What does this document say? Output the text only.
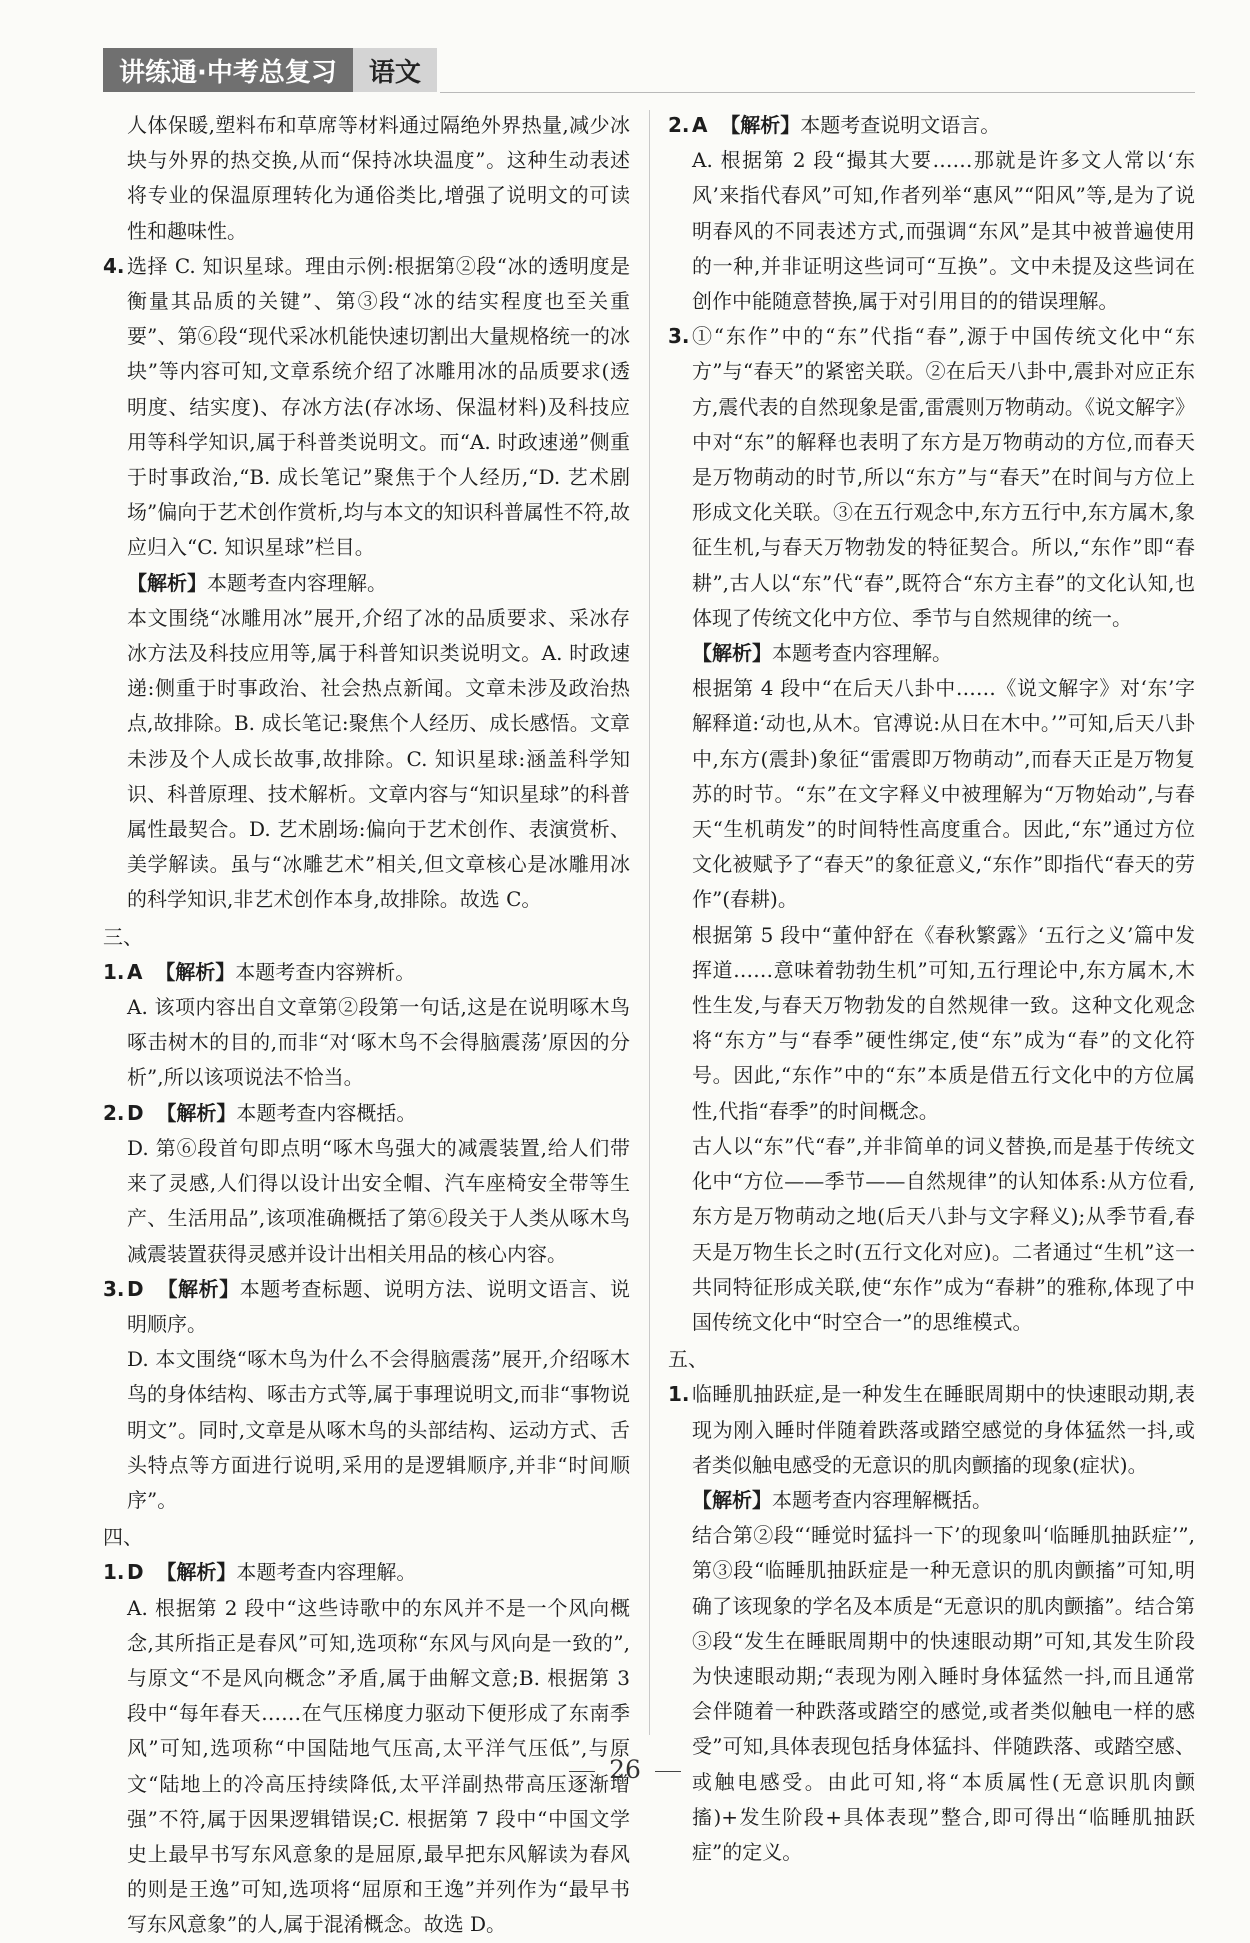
讲练通·中考总复习	语文
人体保暖,塑料布和草席等材料通过隔绝外界热量,减少冰块与外界的热交换,从而“保持冰块温度”。这种生动表述将专业的保温原理转化为通俗类比,增强了说明文的可读性和趣味性。
4. 选择 C. 知识星球。理由示例:根据第②段“冰的透明度是衡量其品质的关键”、第③段“冰的结实程度也至关重要”、第⑥段“现代采冰机能快速切割出大量规格统一的冰块”等内容可知,文章系统介绍了冰雕用冰的品质要求(透明度、结实度)、存冰方法(存冰场、保温材料)及科技应用等科学知识,属于科普类说明文。而“A. 时政速递”侧重于时事政治,“B. 成长笔记”聚焦于个人经历,“D. 艺术剧场”偏向于艺术创作赏析,均与本文的知识科普属性不符,故应归入“C. 知识星球”栏目。
【解析】本题考查内容理解。
本文围绕“冰雕用冰”展开,介绍了冰的品质要求、采冰存冰方法及科技应用等,属于科普知识类说明文。A. 时政速递:侧重于时事政治、社会热点新闻。文章未涉及政治热点,故排除。B. 成长笔记:聚焦个人经历、成长感悟。文章未涉及个人成长故事,故排除。C. 知识星球:涵盖科学知识、科普原理、技术解析。文章内容与“知识星球”的科普属性最契合。D. 艺术剧场:偏向于艺术创作、表演赏析、美学解读。虽与“冰雕艺术”相关,但文章核心是冰雕用冰的科学知识,非艺术创作本身,故排除。故选 C。
三、
1. A 【解析】本题考查内容辨析。
A. 该项内容出自文章第②段第一句话,这是在说明啄木鸟啄击树木的目的,而非“对‘啄木鸟不会得脑震荡’原因的分析”,所以该项说法不恰当。
2. D 【解析】本题考查内容概括。
D. 第⑥段首句即点明“啄木鸟强大的减震装置,给人们带来了灵感,人们得以设计出安全帽、汽车座椅安全带等生产、生活用品”,该项准确概括了第⑥段关于人类从啄木鸟减震装置获得灵感并设计出相关用品的核心内容。
3. D 【解析】本题考查标题、说明方法、说明文语言、说明顺序。
D. 本文围绕“啄木鸟为什么不会得脑震荡”展开,介绍啄木鸟的身体结构、啄击方式等,属于事理说明文,而非“事物说明文”。同时,文章是从啄木鸟的头部结构、运动方式、舌头特点等方面进行说明,采用的是逻辑顺序,并非“时间顺序”。
四、
1. D 【解析】本题考查内容理解。
A. 根据第 2 段中“这些诗歌中的东风并不是一个风向概念,其所指正是春风”可知,选项称“东风与风向是一致的”,与原文“不是风向概念”矛盾,属于曲解文意;B. 根据第 3 段中“每年春天……在气压梯度力驱动下便形成了东南季风”可知,选项称“中国陆地气压高,太平洋气压低”,与原文“陆地上的冷高压持续降低,太平洋副热带高压逐渐增强”不符,属于因果逻辑错误;C. 根据第 7 段中“中国文学史上最早书写东风意象的是屈原,最早把东风解读为春风的则是王逸”可知,选项将“屈原和王逸”并列作为“最早书写东风意象”的人,属于混淆概念。故选 D。
2. A 【解析】本题考查说明文语言。
A. 根据第 2 段“撮其大要……那就是许多文人常以‘东风’来指代春风”可知,作者列举“惠风”“阳风”等,是为了说明春风的不同表述方式,而强调“东风”是其中被普遍使用的一种,并非证明这些词可“互换”。文中未提及这些词在创作中能随意替换,属于对引用目的的错误理解。
3. ①“东作”中的“东”代指“春”,源于中国传统文化中“东方”与“春天”的紧密关联。②在后天八卦中,震卦对应正东方,震代表的自然现象是雷,雷震则万物萌动。《说文解字》中对“东”的解释也表明了东方是万物萌动的方位,而春天是万物萌动的时节,所以“东方”与“春天”在时间与方位上形成文化关联。③在五行观念中,东方五行中,东方属木,象征生机,与春天万物勃发的特征契合。所以,“东作”即“春耕”,古人以“东”代“春”,既符合“东方主春”的文化认知,也体现了传统文化中方位、季节与自然规律的统一。
【解析】本题考查内容理解。
根据第 4 段中“在后天八卦中……《说文解字》对‘东’字解释道:‘动也,从木。官溥说:从日在木中。’”可知,后天八卦中,东方(震卦)象征“雷震即万物萌动”,而春天正是万物复苏的时节。“东”在文字释义中被理解为“万物始动”,与春天“生机萌发”的时间特性高度重合。因此,“东”通过方位文化被赋予了“春天”的象征意义,“东作”即指代“春天的劳作”(春耕)。
根据第 5 段中“董仲舒在《春秋繁露》‘五行之义’篇中发挥道……意味着勃勃生机”可知,五行理论中,东方属木,木性生发,与春天万物勃发的自然规律一致。这种文化观念将“东方”与“春季”硬性绑定,使“东”成为“春”的文化符号。因此,“东作”中的“东”本质是借五行文化中的方位属性,代指“春季”的时间概念。
古人以“东”代“春”,并非简单的词义替换,而是基于传统文化中“方位——季节——自然规律”的认知体系:从方位看,东方是万物萌动之地(后天八卦与文字释义);从季节看,春天是万物生长之时(五行文化对应)。二者通过“生机”这一共同特征形成关联,使“东作”成为“春耕”的雅称,体现了中国传统文化中“时空合一”的思维模式。
五、
1. 临睡肌抽跃症,是一种发生在睡眠周期中的快速眼动期,表现为刚入睡时伴随着跌落或踏空感觉的身体猛然一抖,或者类似触电感受的无意识的肌肉颤搐的现象(症状)。
【解析】本题考查内容理解概括。
结合第②段“‘睡觉时猛抖一下’的现象叫‘临睡肌抽跃症’”,第③段“临睡肌抽跃症是一种无意识的肌肉颤搐”可知,明确了该现象的学名及本质是“无意识的肌肉颤搐”。结合第③段“发生在睡眠周期中的快速眼动期”可知,其发生阶段为快速眼动期;“表现为刚入睡时身体猛然一抖,而且通常会伴随着一种跌落或踏空的感觉,或者类似触电一样的感受”可知,具体表现包括身体猛抖、伴随跌落、或踏空感、或触电感受。由此可知,将“本质属性(无意识肌肉颤搐)+发生阶段+具体表现”整合,即可得出“临睡肌抽跃症”的定义。
26
